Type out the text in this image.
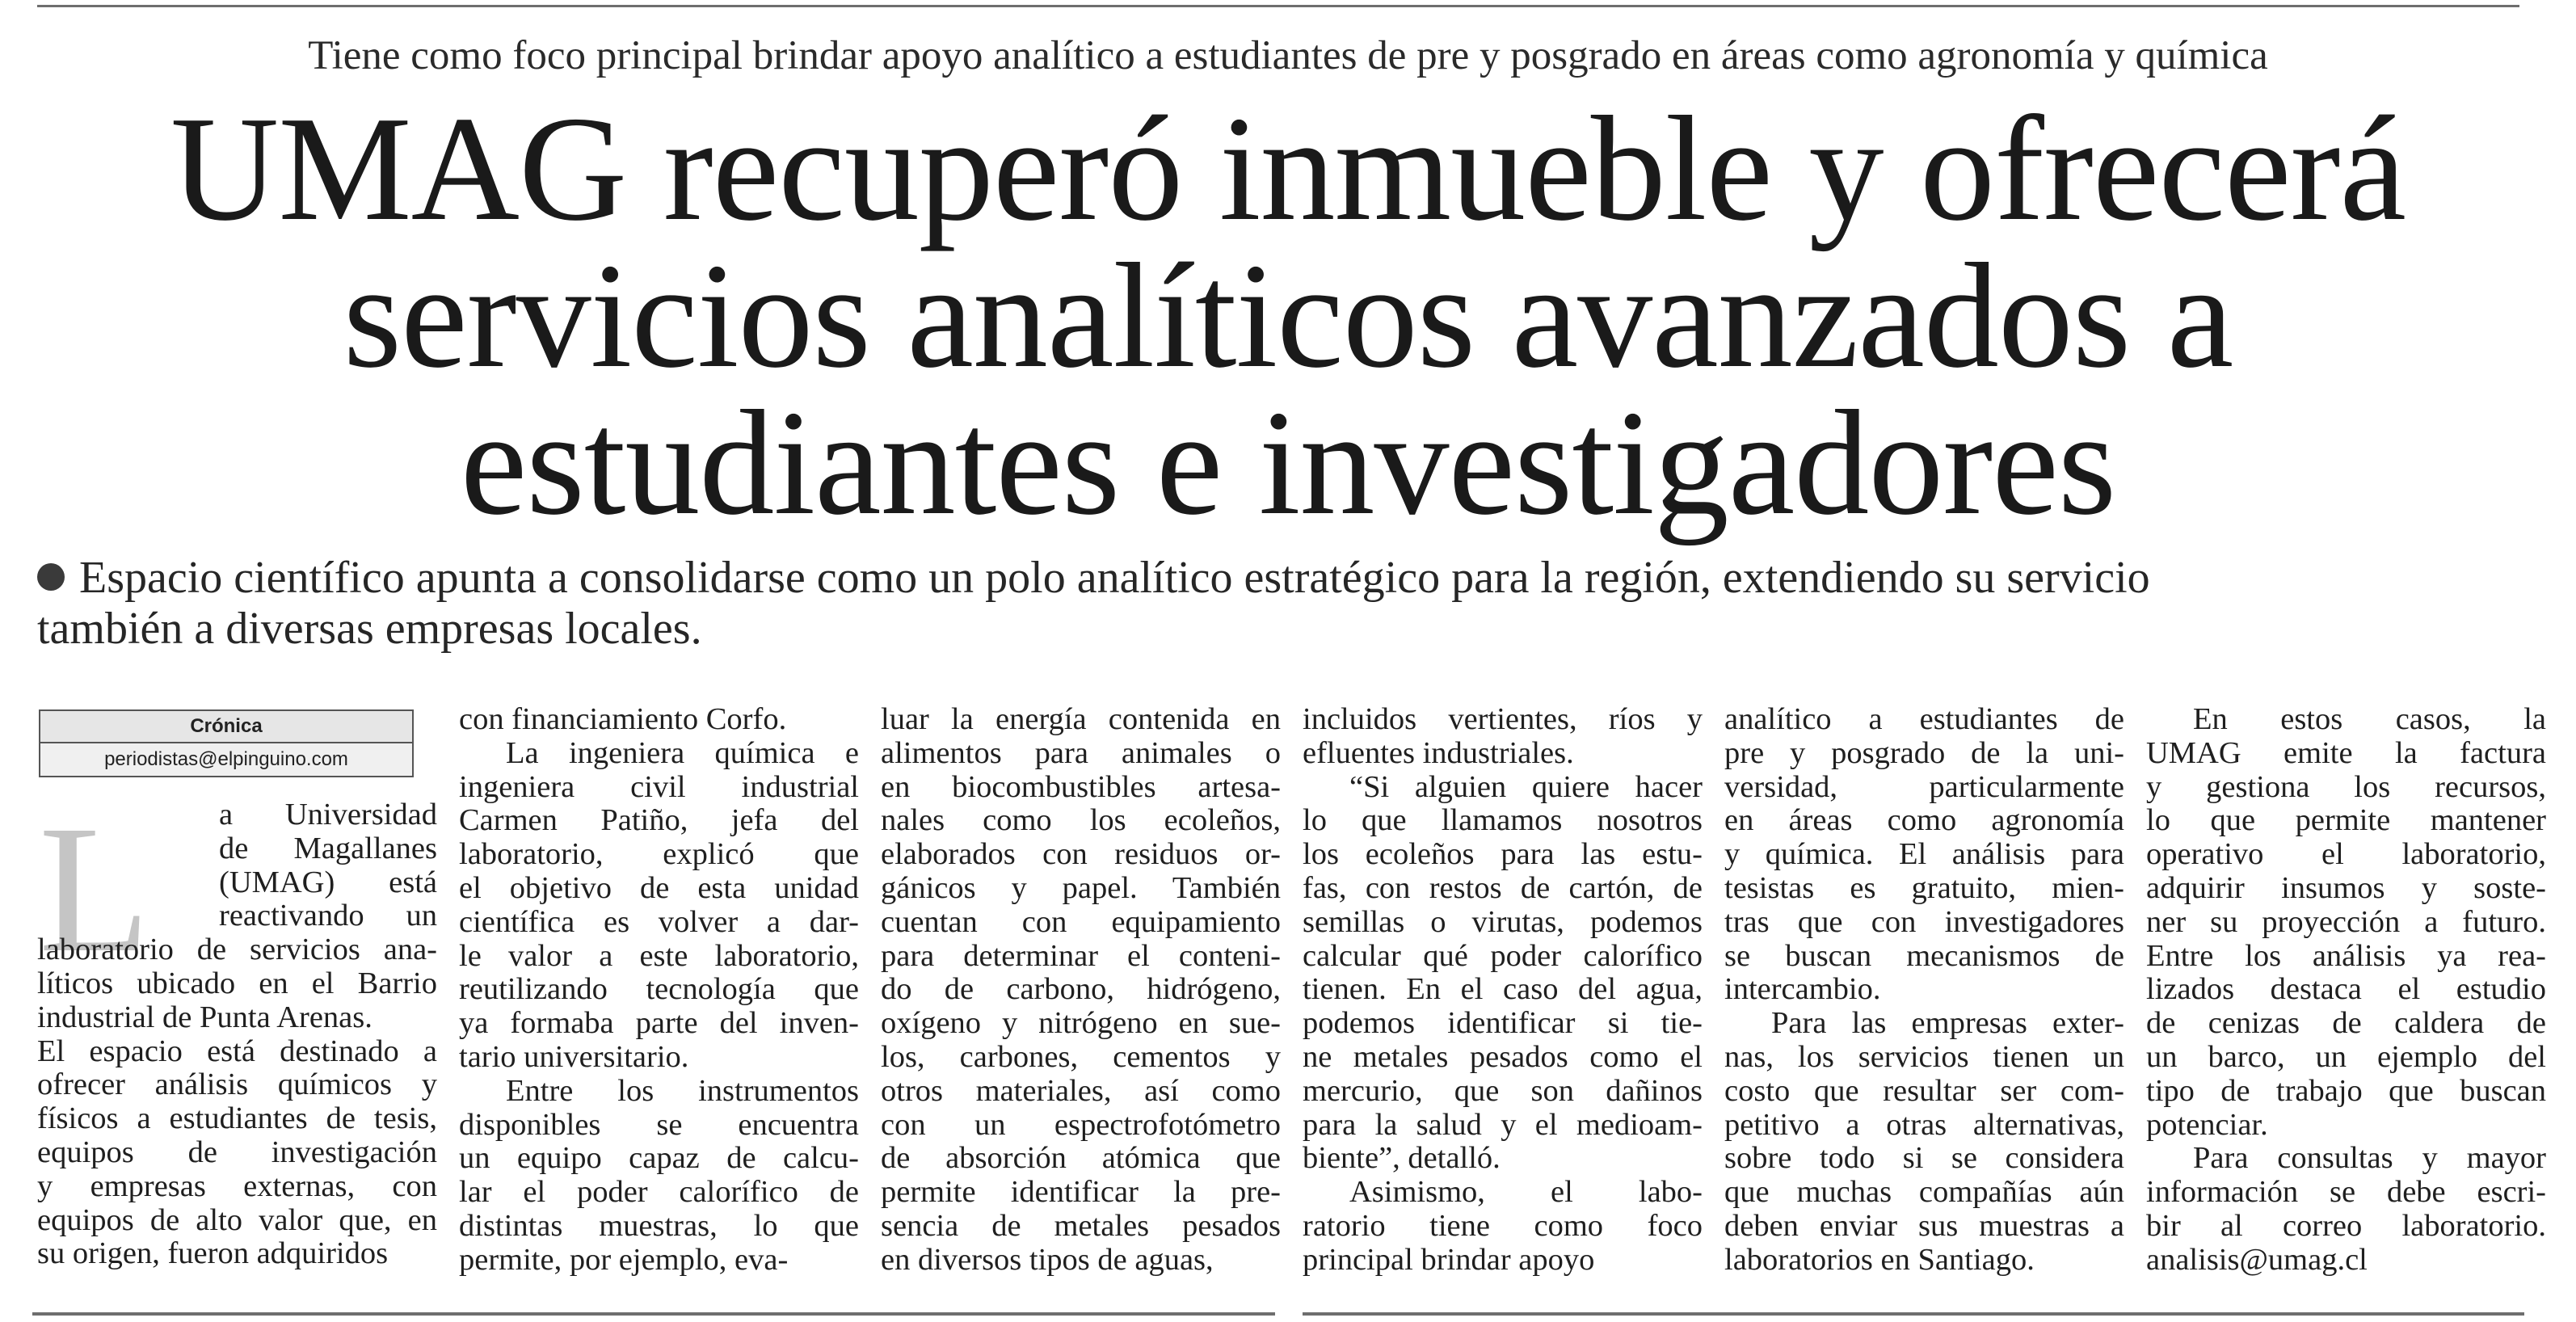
Tiene como foco principal brindar apoyo analítico a estudiantes de pre y posgrado en áreas como agronomía y química
UMAG recuperó inmueble y ofrecerá
servicios analíticos avanzados a
estudiantes e investigadores
Espacio científico apunta a consolidarse como un polo analítico estratégico para la región, extendiendo su servicio
también a diversas empresas locales.
Crónica
periodistas@elpinguino.com
L	a Universidad
de Magallanes
(UMAG) está
reactivando un
laboratorio de servicios ana-
líticos ubicado en el Barrio
industrial de Punta Arenas.
El espacio está destinado a
ofrecer análisis químicos y
físicos a estudiantes de tesis,
equipos de investigación
y empresas externas, con
equipos de alto valor que, en
su origen, fueron adquiridos
con financiamiento Corfo.
La ingeniera química e
ingeniera civil industrial
Carmen Patiño, jefa del
laboratorio, explicó que
el objetivo de esta unidad
científica es volver a dar-
le valor a este laboratorio,
reutilizando tecnología que
ya formaba parte del inven-
tario universitario.
Entre los instrumentos
disponibles se encuentra
un equipo capaz de calcu-
lar el poder calorífico de
distintas muestras, lo que
permite, por ejemplo, eva-
luar la energía contenida en
alimentos para animales o
en biocombustibles artesa-
nales como los ecoleños,
elaborados con residuos or-
gánicos y papel. También
cuentan con equipamiento
para determinar el conteni-
do de carbono, hidrógeno,
oxígeno y nitrógeno en sue-
los, carbones, cementos y
otros materiales, así como
con un espectrofotómetro
de absorción atómica que
permite identificar la pre-
sencia de metales pesados
en diversos tipos de aguas,
incluidos vertientes, ríos y
efluentes industriales.
“Si alguien quiere hacer
lo que llamamos nosotros
los ecoleños para las estu-
fas, con restos de cartón, de
semillas o virutas, podemos
calcular qué poder calorífico
tienen. En el caso del agua,
podemos identificar si tie-
ne metales pesados como el
mercurio, que son dañinos
para la salud y el medioam-
biente”, detalló.
Asimismo, el labo-
ratorio tiene como foco
principal brindar apoyo
analítico a estudiantes de
pre y posgrado de la uni-
versidad, particularmente
en áreas como agronomía
y química. El análisis para
tesistas es gratuito, mien-
tras que con investigadores
se buscan mecanismos de
intercambio.
Para las empresas exter-
nas, los servicios tienen un
costo que resultar ser com-
petitivo a otras alternativas,
sobre todo si se considera
que muchas compañías aún
deben enviar sus muestras a
laboratorios en Santiago.
En estos casos, la
UMAG emite la factura
y gestiona los recursos,
lo que permite mantener
operativo el laboratorio,
adquirir insumos y soste-
ner su proyección a futuro.
Entre los análisis ya rea-
lizados destaca el estudio
de cenizas de caldera de
un barco, un ejemplo del
tipo de trabajo que buscan
potenciar.
Para consultas y mayor
información se debe escri-
bir al correo laboratorio.
analisis@umag.cl
